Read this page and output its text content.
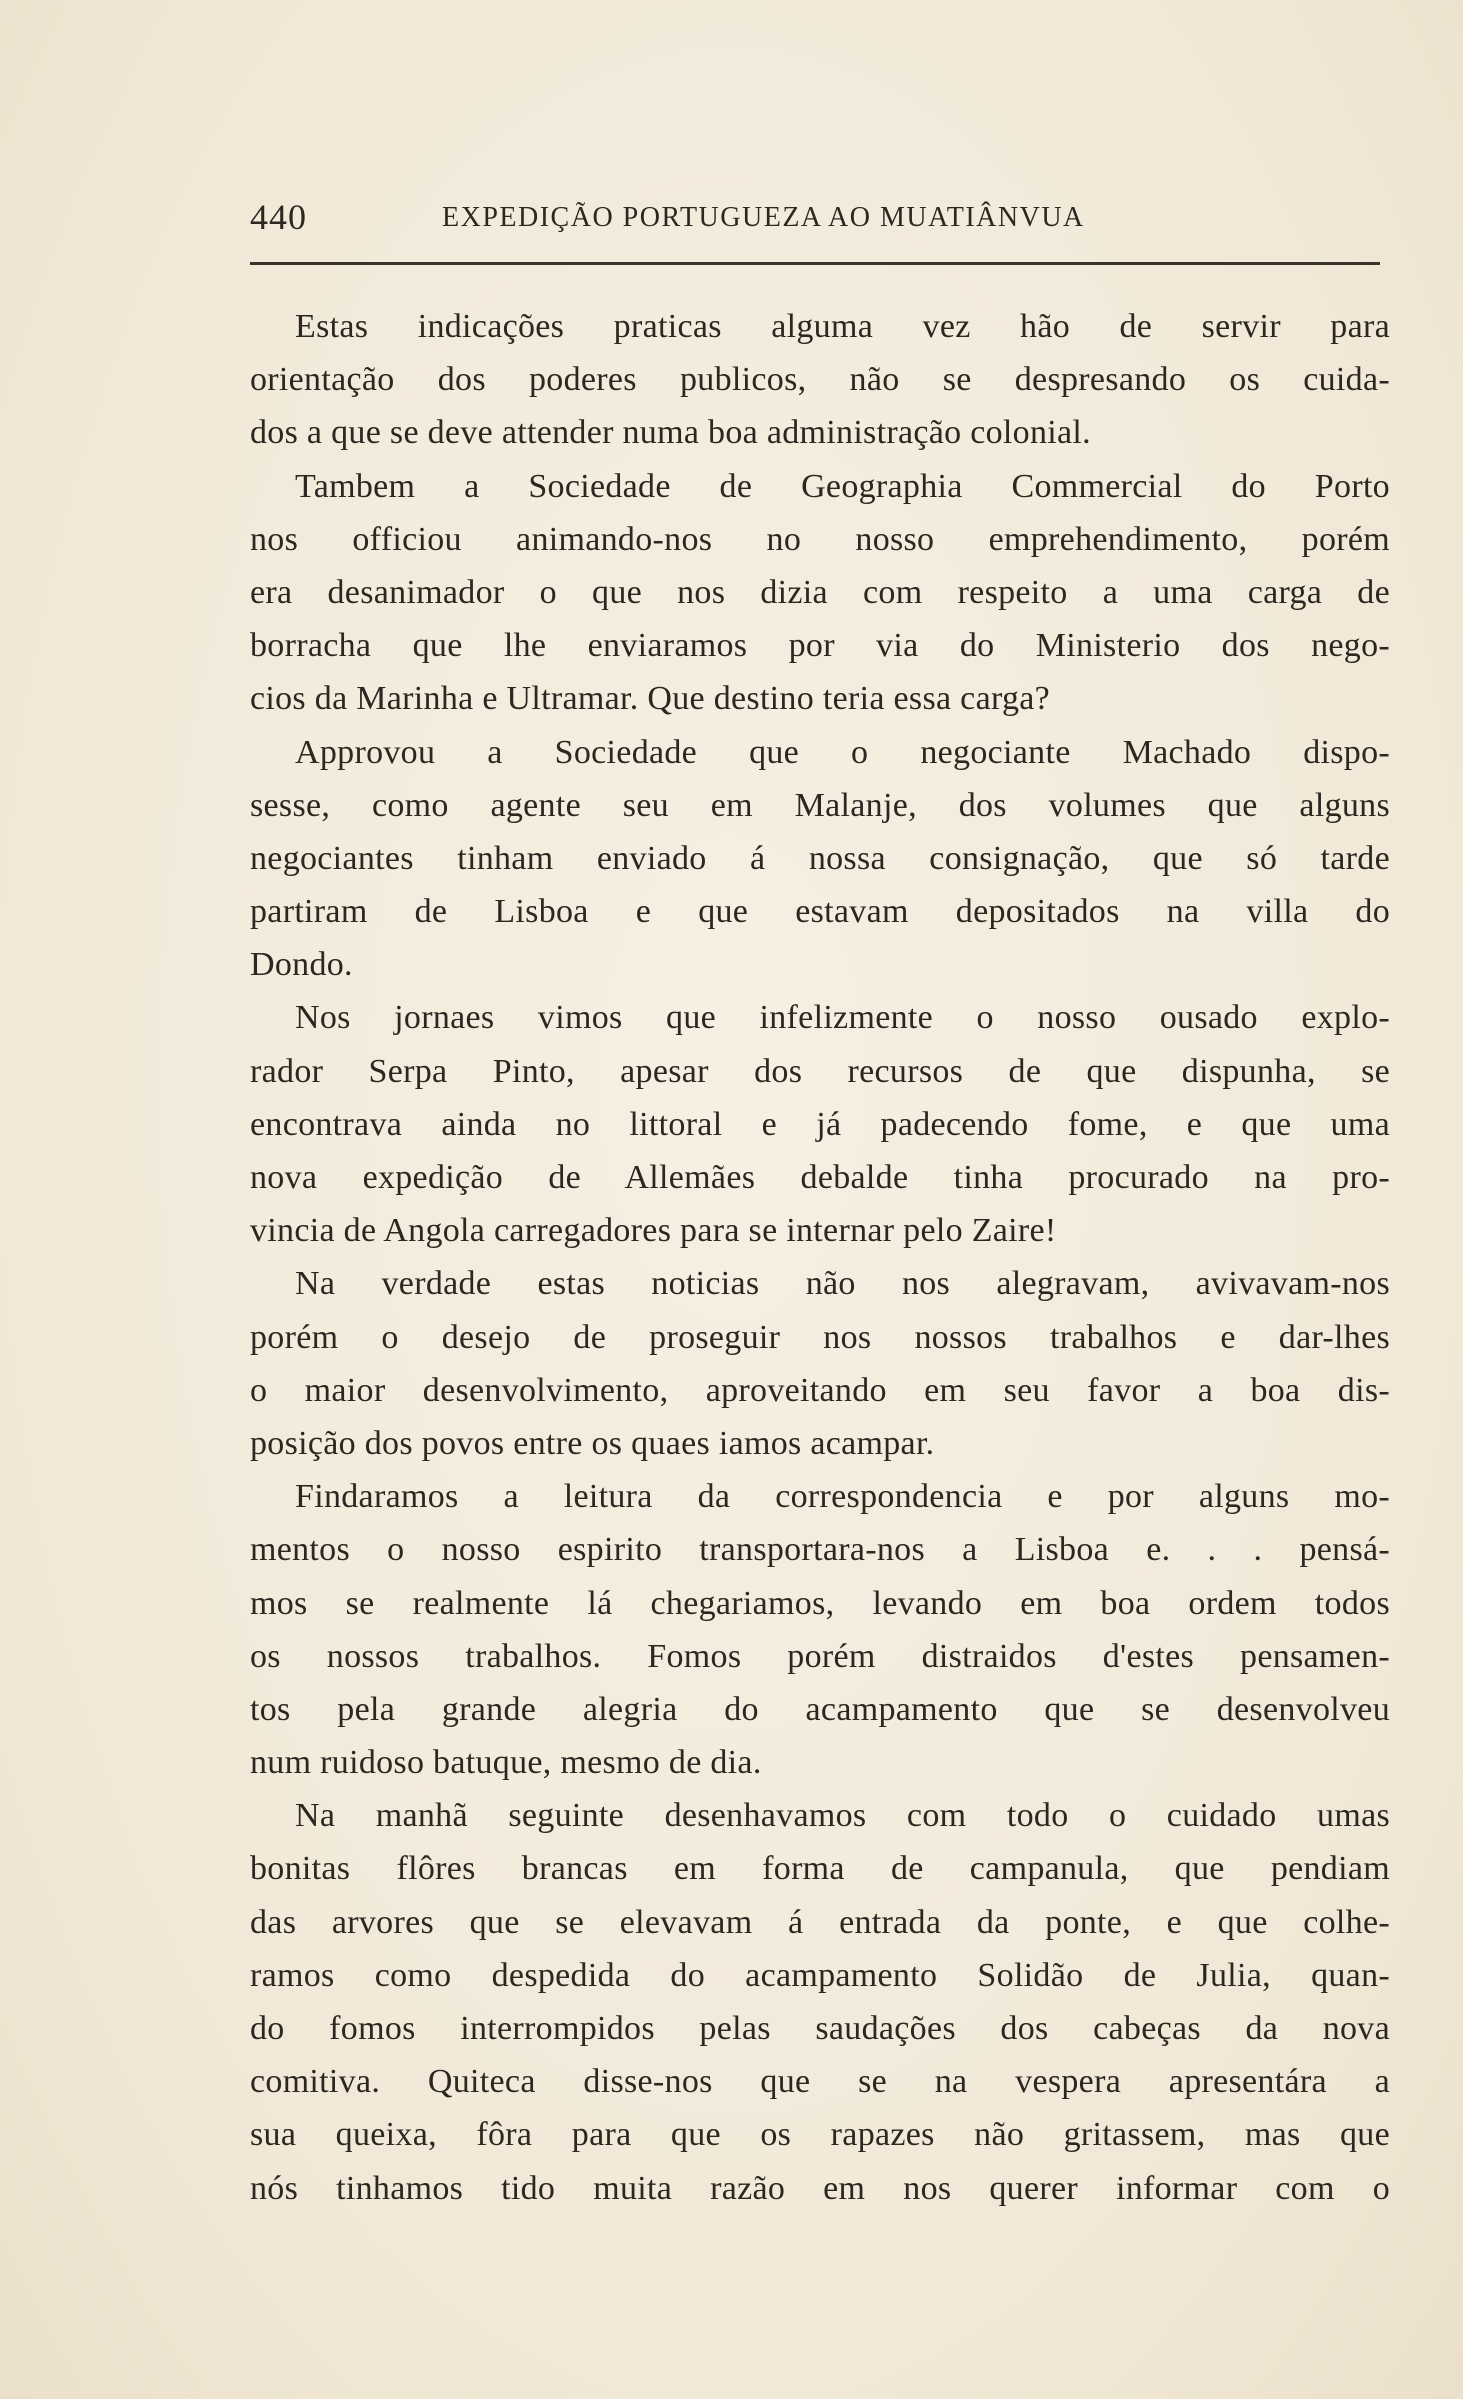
440	EXPEDIÇÃO PORTUGUEZA AO MUATIÂNVUA
Estas indicações praticas alguma vez hão de servir para
orientação dos poderes publicos, não se despresando os cuida-
dos a que se deve attender numa boa administração colonial.
Tambem a Sociedade de Geographia Commercial do Porto
nos officiou animando-nos no nosso emprehendimento, porém
era desanimador o que nos dizia com respeito a uma carga de
borracha que lhe enviaramos por via do Ministerio dos nego-
cios da Marinha e Ultramar. Que destino teria essa carga?
Approvou a Sociedade que o negociante Machado dispo-
sesse, como agente seu em Malanje, dos volumes que alguns
negociantes tinham enviado á nossa consignação, que só tarde
partiram de Lisboa e que estavam depositados na villa do
Dondo.
Nos jornaes vimos que infelizmente o nosso ousado explo-
rador Serpa Pinto, apesar dos recursos de que dispunha, se
encontrava ainda no littoral e já padecendo fome, e que uma
nova expedição de Allemães debalde tinha procurado na pro-
vincia de Angola carregadores para se internar pelo Zaire!
Na verdade estas noticias não nos alegravam, avivavam-nos
porém o desejo de proseguir nos nossos trabalhos e dar-lhes
o maior desenvolvimento, aproveitando em seu favor a boa dis-
posição dos povos entre os quaes iamos acampar.
Findaramos a leitura da correspondencia e por alguns mo-
mentos o nosso espirito transportara-nos a Lisboa e. . . pensá-
mos se realmente lá chegariamos, levando em boa ordem todos
os nossos trabalhos. Fomos porém distraidos d'estes pensamen-
tos pela grande alegria do acampamento que se desenvolveu
num ruidoso batuque, mesmo de dia.
Na manhã seguinte desenhavamos com todo o cuidado umas
bonitas flôres brancas em forma de campanula, que pendiam
das arvores que se elevavam á entrada da ponte, e que colhe-
ramos como despedida do acampamento Solidão de Julia, quan-
do fomos interrompidos pelas saudações dos cabeças da nova
comitiva. Quiteca disse-nos que se na vespera apresentára a
sua queixa, fôra para que os rapazes não gritassem, mas que
nós tinhamos tido muita razão em nos querer informar com o
